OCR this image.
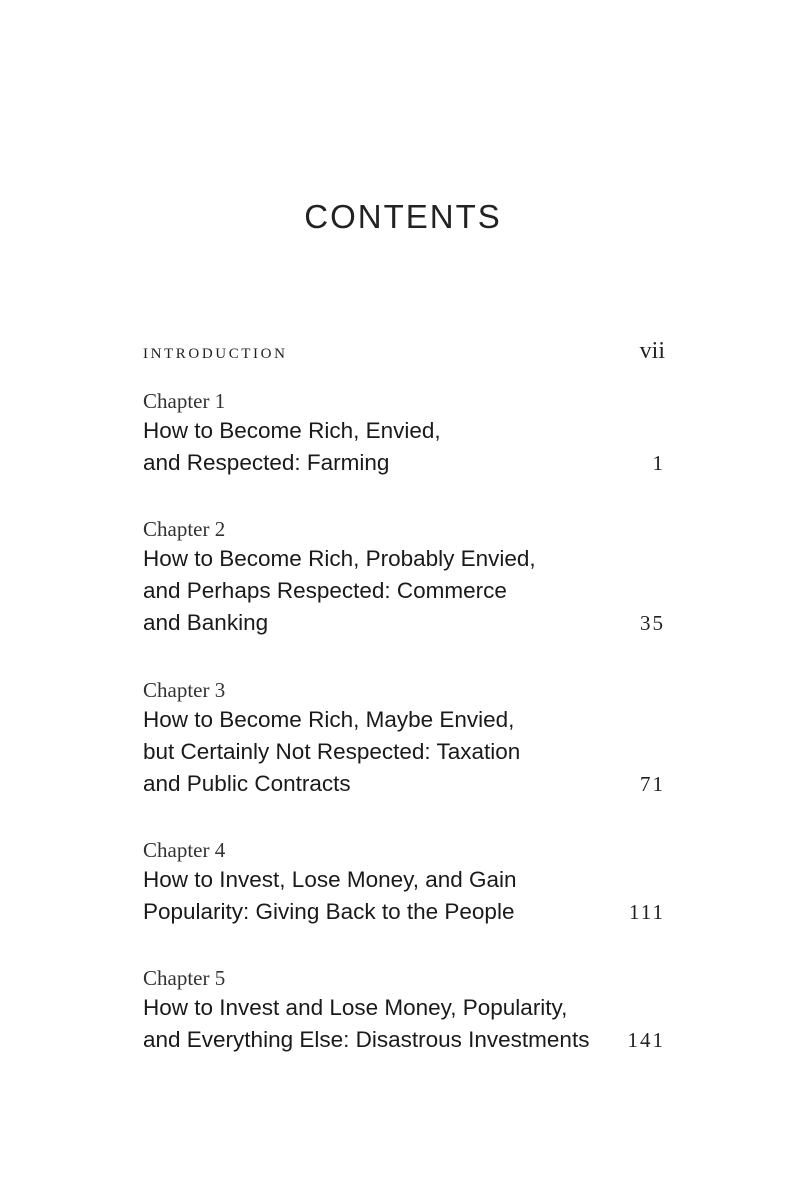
CONTENTS
INTRODUCTION	vii
Chapter 1
How to Become Rich, Envied,
and Respected: Farming	1
Chapter 2
How to Become Rich, Probably Envied,
and Perhaps Respected: Commerce
and Banking	35
Chapter 3
How to Become Rich, Maybe Envied,
but Certainly Not Respected: Taxation
and Public Contracts	71
Chapter 4
How to Invest, Lose Money, and Gain
Popularity: Giving Back to the People	111
Chapter 5
How to Invest and Lose Money, Popularity,
and Everything Else: Disastrous Investments	141
